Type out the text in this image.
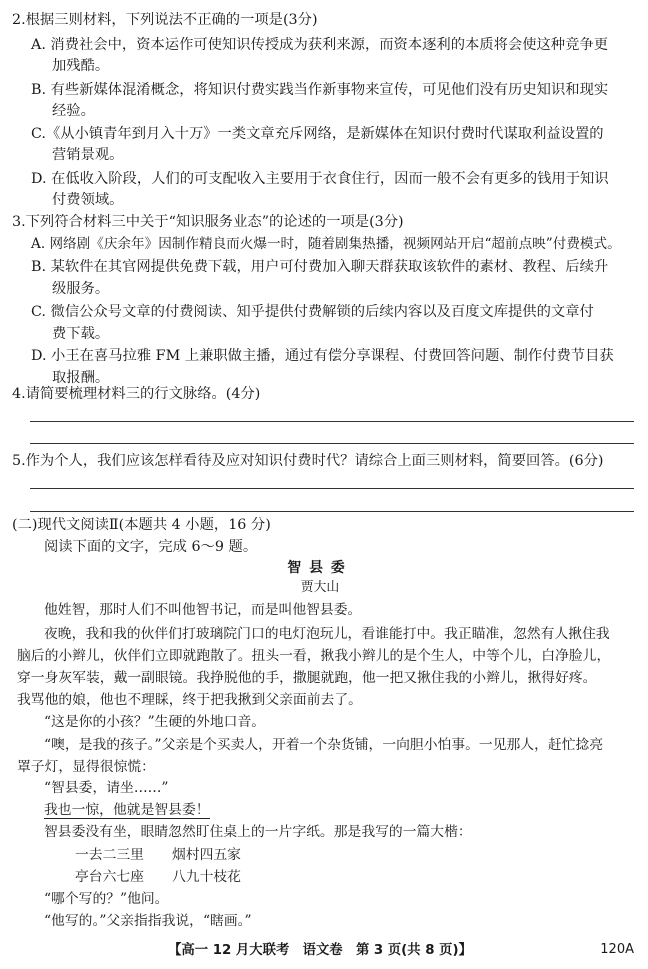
2.根据三则材料，下列说法不正确的一项是(3分)
A. 消费社会中，资本运作可使知识传授成为获利来源，而资本逐利的本质将会使这种竞争更
加残酷。
B. 有些新媒体混淆概念，将知识付费实践当作新事物来宣传，可见他们没有历史知识和现实
经验。
C.《从小镇青年到月入十万》一类文章充斥网络，是新媒体在知识付费时代谋取利益设置的
营销景观。
D. 在低收入阶段，人们的可支配收入主要用于衣食住行，因而一般不会有更多的钱用于知识
付费领域。
3.下列符合材料三中关于“知识服务业态”的论述的一项是(3分)
A. 网络剧《庆余年》因制作精良而火爆一时，随着剧集热播，视频网站开启“超前点映”付费模式。
B. 某软件在其官网提供免费下载，用户可付费加入聊天群获取该软件的素材、教程、后续升
级服务。
C. 微信公众号文章的付费阅读、知乎提供付费解锁的后续内容以及百度文库提供的文章付
费下载。
D. 小王在喜马拉雅 FM 上兼职做主播，通过有偿分享课程、付费回答问题、制作付费节目获
取报酬。
4.请简要梳理材料三的行文脉络。(4分)
5.作为个人，我们应该怎样看待及应对知识付费时代？请综合上面三则材料，简要回答。(6分)
(二)现代文阅读Ⅱ(本题共 4 小题，16 分)
阅读下面的文字，完成 6～9 题。
智县委
贾大山
他姓智，那时人们不叫他智书记，而是叫他智县委。
夜晚，我和我的伙伴们打玻璃院门口的电灯泡玩儿，看谁能打中。我正瞄准，忽然有人揪住我
脑后的小辫儿，伙伴们立即就跑散了。扭头一看，揪我小辫儿的是个生人，中等个儿，白净脸儿，
穿一身灰军装，戴一副眼镜。我挣脱他的手，撒腿就跑，他一把又揪住我的小辫儿，揪得好疼。
我骂他的娘，他也不理睬，终于把我揪到父亲面前去了。
“这是你的小孩？”生硬的外地口音。
“噢，是我的孩子。”父亲是个买卖人，开着一个杂货铺，一向胆小怕事。一见那人，赶忙捻亮
罩子灯，显得很惊慌：
“智县委，请坐……”
我也一惊，他就是智县委！
智县委没有坐，眼睛忽然盯住桌上的一片字纸。那是我写的一篇大楷：
一去二三里 烟村四五家
亭台六七座 八九十枝花
“哪个写的？”他问。
“他写的。”父亲指指我说，“瞎画。”
【高一 12 月大联考　语文卷　第 3 页(共 8 页)】	120A
